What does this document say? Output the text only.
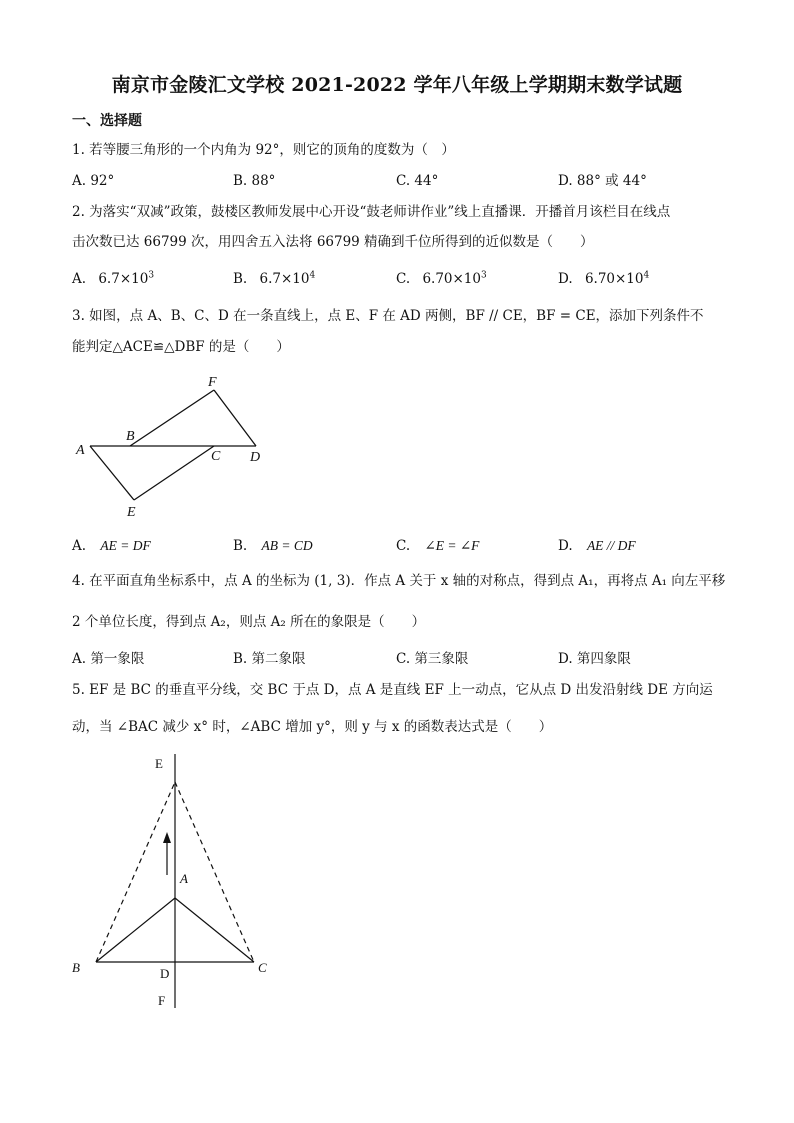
南京市金陵汇文学校 2021-2022 学年八年级上学期期末数学试题
一、选择题
1. 若等腰三角形的一个内角为 92°，则它的顶角的度数为（　）
A. 92°	B. 88°	C. 44°	D. 88° 或 44°
2. 为落实“双减”政策，鼓楼区教师发展中心开设“鼓老师讲作业”线上直播课．开播首月该栏目在线点
击次数已达 66799 次，用四舍五入法将 66799 精确到千位所得到的近似数是（　　）
A. $6.7\times 10^3$	B. $6.7\times 10^4$	C. $6.70\times 10^3$	D. $6.70\times 10^4$
3. 如图，点 A、B、C、D 在一条直线上，点 E、F 在 AD 两侧，BF // CE，BF = CE，添加下列条件不
能判定△ACE≌△DBF 的是（　　）
F
B
A	C D
E
A. AE = DF	B. AB = CD	C. ∠E = ∠F	D. AE // DF
4. 在平面直角坐标系中，点 A 的坐标为 (1, 3)．作点 A 关于 x 轴的对称点，得到点 A₁，再将点 A₁ 向左平移
2 个单位长度，得到点 A₂，则点 A₂ 所在的象限是（　　）
A. 第一象限	B. 第二象限	C. 第三象限	D. 第四象限
5. EF 是 BC 的垂直平分线，交 BC 于点 D，点 A 是直线 EF 上一动点，它从点 D 出发沿射线 DE 方向运
动，当 ∠BAC 减少 x° 时，∠ABC 增加 y°，则 y 与 x 的函数表达式是（　　）
E
A
B	D	C
F
